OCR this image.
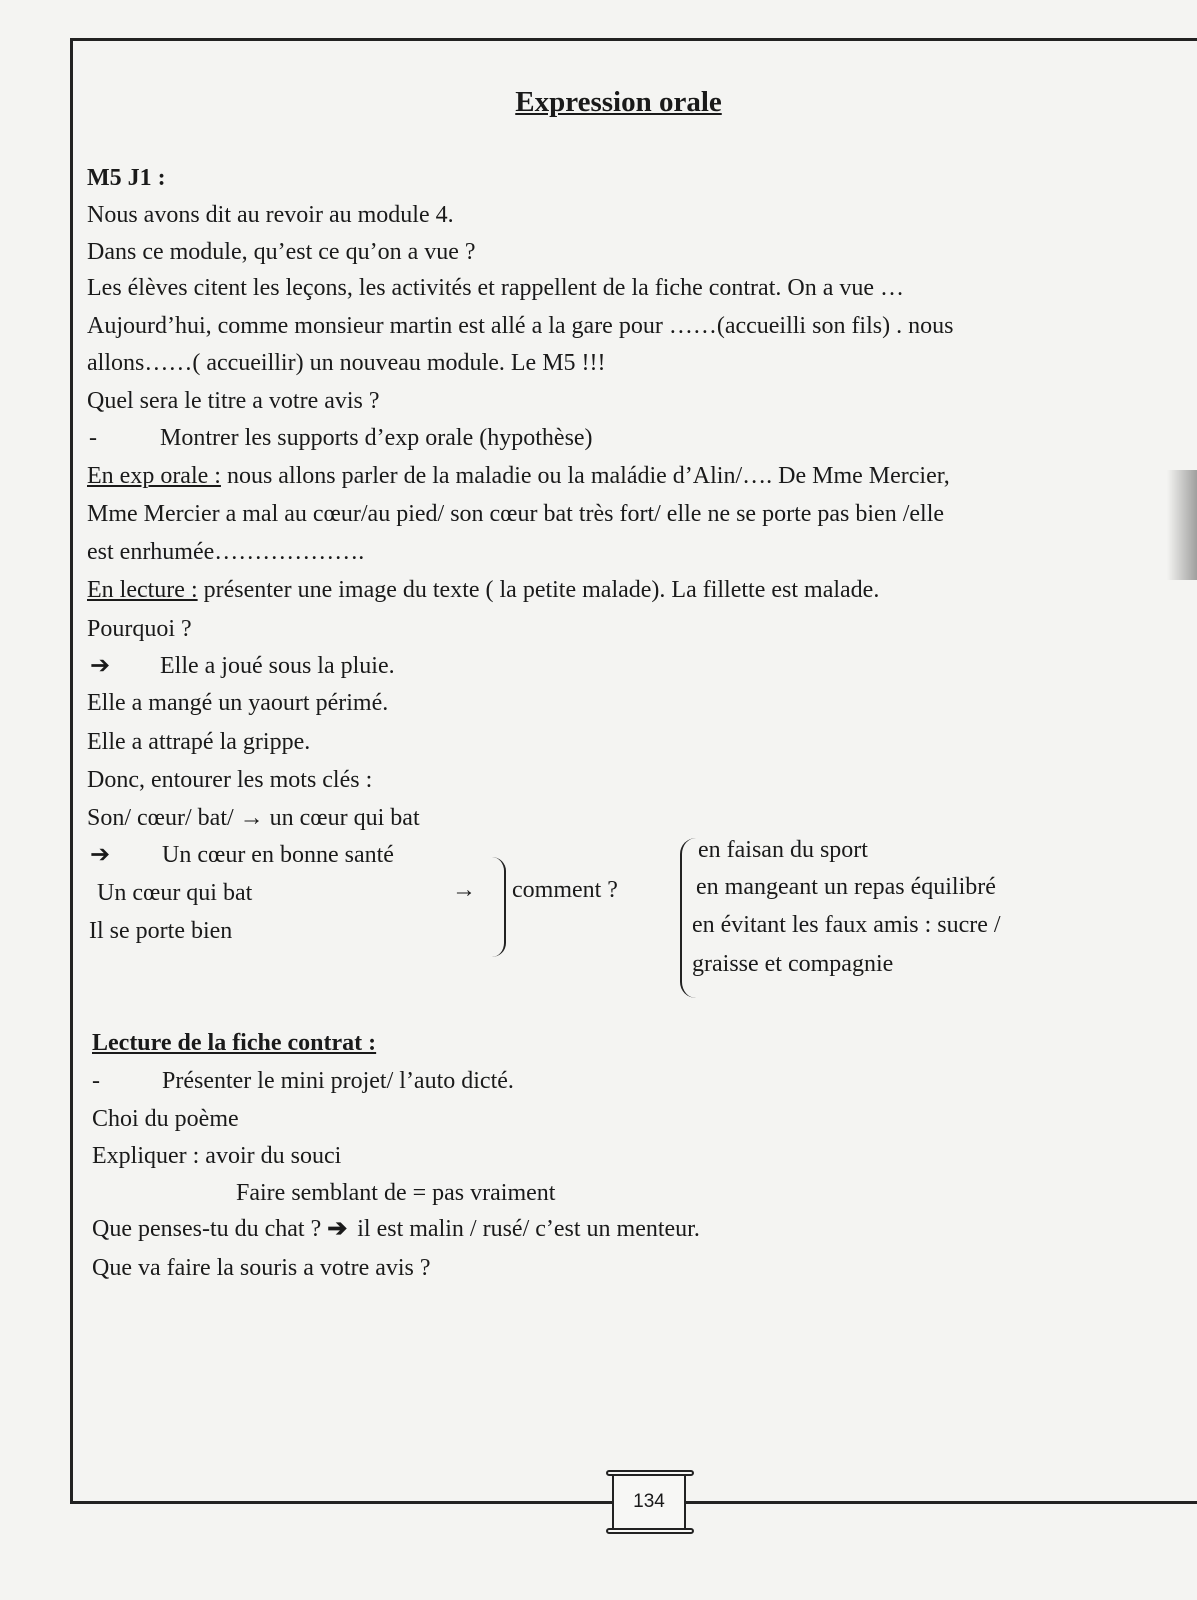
Expression orale
M5 J1 :
Nous avons dit au revoir au module 4.
Dans ce module, qu’est ce qu’on a vue ?
Les élèves citent les leçons, les activités et rappellent de la fiche contrat. On a vue …
Aujourd’hui, comme monsieur martin est allé a la gare pour ……(accueilli son fils) . nous
allons……( accueillir) un nouveau module. Le M5 !!!
Quel sera le titre a votre avis ?
-	Montrer les supports d’exp orale (hypothèse)
En exp orale : nous allons parler de la maladie ou la maládie d’Alin/…. De Mme Mercier,
Mme Mercier a mal au cœur/au pied/ son cœur bat très fort/ elle ne se porte pas bien /elle
est enrhumée……………….
En lecture : présenter une image du texte ( la petite malade). La fillette est malade.
Pourquoi ?
➔ Elle a joué sous la pluie.
Elle a mangé un yaourt périmé.
Elle a attrapé la grippe.
Donc, entourer les mots clés :
Son/ cœur/ bat/ → un cœur qui bat
➔ Un cœur en bonne santé
Un cœur qui bat	→
Il se porte bien
comment ?
en faisan du sport
en mangeant un repas équilibré
en évitant les faux amis : sucre /
graisse et compagnie
Lecture de la fiche contrat :
-	Présenter le mini projet/ l’auto dicté.
Choi du poème
Expliquer : avoir du souci
Faire semblant de = pas vraiment
Que penses-tu du chat ? ➔ il est malin / rusé/ c’est un menteur.
Que va faire la souris a votre avis ?
134
